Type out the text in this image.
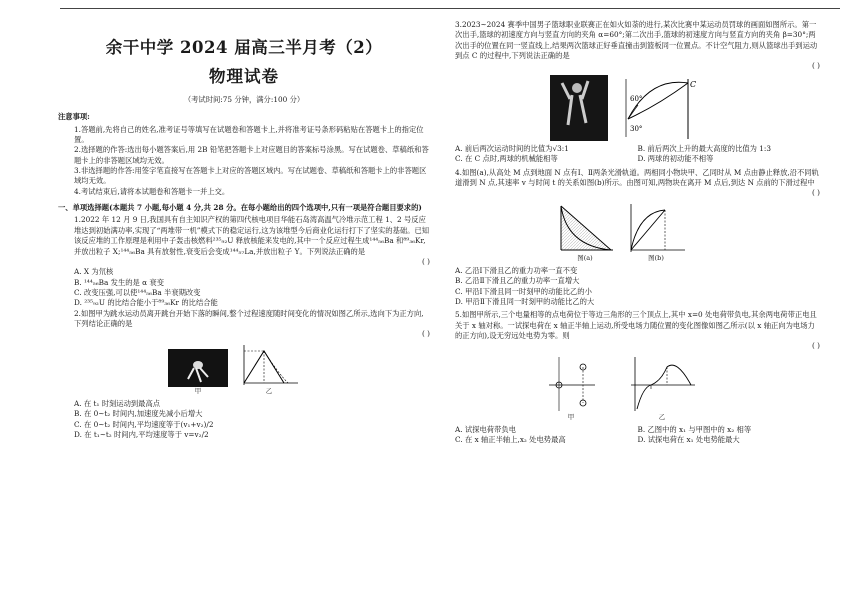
余干中学 2024 届高三半月考（2）
物理试卷
（考试时间:75 分钟，满分:100 分）
注意事项:

1.答题前,先将自己的姓名,准考证号等填写在试题卷和答题卡上,并将准考证号条形码粘贴在答题卡上的指定位置。

2.选择题的作答:选出每小题答案后,用 2B 铅笔把答题卡上对应题目的答案标号涂黑。写在试题卷、草稿纸和答题卡上的非答题区域均无效。

3.非选择题的作答:用签字笔直接写在答题卡上对应的答题区域内。写在试题卷、草稿纸和答题卡上的非答题区域均无效。

4.考试结束后,请将本试题卷和答题卡一并上交。

一、单项选择题(本题共 7 小题,每小题 4 分,共 28 分。在每小题给出的四个选项中,只有一项是符合题目要求的)

1.2022 年 12 月 9 日,我国具有自主知识产权的第四代核电项目华能石岛湾高温气冷堆示范工程 1、2 号反应堆达到初始满功率,实现了“两堆带一机”模式下的稳定运行,这为该堆型今后商业化运行打下了坚实的基础。已知该反应堆的工作原理是利用中子轰击核燃料²³⁵₉₂U 释放核能来发电的,其中一个反应过程生成¹⁴⁴₅₆Ba 和⁸⁹₃₆Kr,并放出粒子 X;¹⁴⁴₅₆Ba 具有放射性,衰变后会变成¹⁴⁴₅₇La,并放出粒子 Y。下列说法正确的是

( )

A. X 为氘核

B. ¹⁴⁴₅₆Ba 发生的是 α 衰变

C. 改变压强,可以使¹⁴⁴₅₆Ba 半衰期改变

D. ²³⁵₉₂U 的比结合能小于⁸⁹₃₆Kr 的比结合能

2.如图甲为跳水运动员离开跳台开始下落的瞬间,整个过程速度随时间变化的情况如图乙所示,选向下为正方向,下列结论正确的是

( )
甲	乙

A. 在 t₁ 时刻运动到最高点

B. 在 0~t₂ 时间内,加速度先减小后增大

C. 在 0~t₂ 时间内,平均速度等于(v₁+v₂)/2

D. 在 t₁~t₂ 时间内,平均速度等于 v=v₂/2

3.2023~2024 赛季中国男子篮球职业联赛正在如火如荼的进行,某次比赛中某运动员罚球的画面如图所示。第一次出手,篮球的初速度方向与竖直方向的夹角 α=60°;第二次出手,篮球的初速度方向与竖直方向的夹角 β=30°;两次出手的位置在同一竖直线上,结果两次篮球正好垂直撞击到篮板同一位置点。不计空气阻力,则从篮球出手到运动到点 C 的过程中,下列说法正确的是

( )
60°
30°
C
A. 前后两次运动时间的比值为√3:1	B. 前后两次上升的最大高度的比值为 1:3
C. 在 C 点时,两球的机械能相等	D. 两球的初动能不相等

4.如图(a),从高处 M 点到地面 N 点有Ⅰ、Ⅱ两条光滑轨道。两相同小物块甲、乙同时从 M 点由静止释放,沿不同轨道滑到 N 点,其速率 v 与时间 t 的关系如图(b)所示。由图可知,两物块在离开 M 点后,到达 N 点前的下滑过程中

( )
图(a)	图(b)

A. 乙沿Ⅰ下滑且乙的重力功率一直不变

B. 乙沿Ⅱ下滑且乙的重力功率一直增大

C. 甲沿Ⅰ下滑且同一时刻甲的动能比乙的小

D. 甲沿Ⅱ下滑且同一时刻甲的动能比乙的大

5.如图甲所示,三个电量相等的点电荷位于等边三角形的三个顶点上,其中 x=0 处电荷带负电,其余两电荷带正电且关于 x 轴对称。一试探电荷在 x 轴正半轴上运动,所受电场力随位置的变化图像如图乙所示(以 x 轴正向为电场力的正方向),设无穷远处电势为零。则

( )
甲	乙
A. 试探电荷带负电	B. 乙图中的 x₁ 与甲图中的 x₂ 相等
C. 在 x 轴正半轴上,x₂ 处电势最高	D. 试探电荷在 x₁ 处电势能最大
